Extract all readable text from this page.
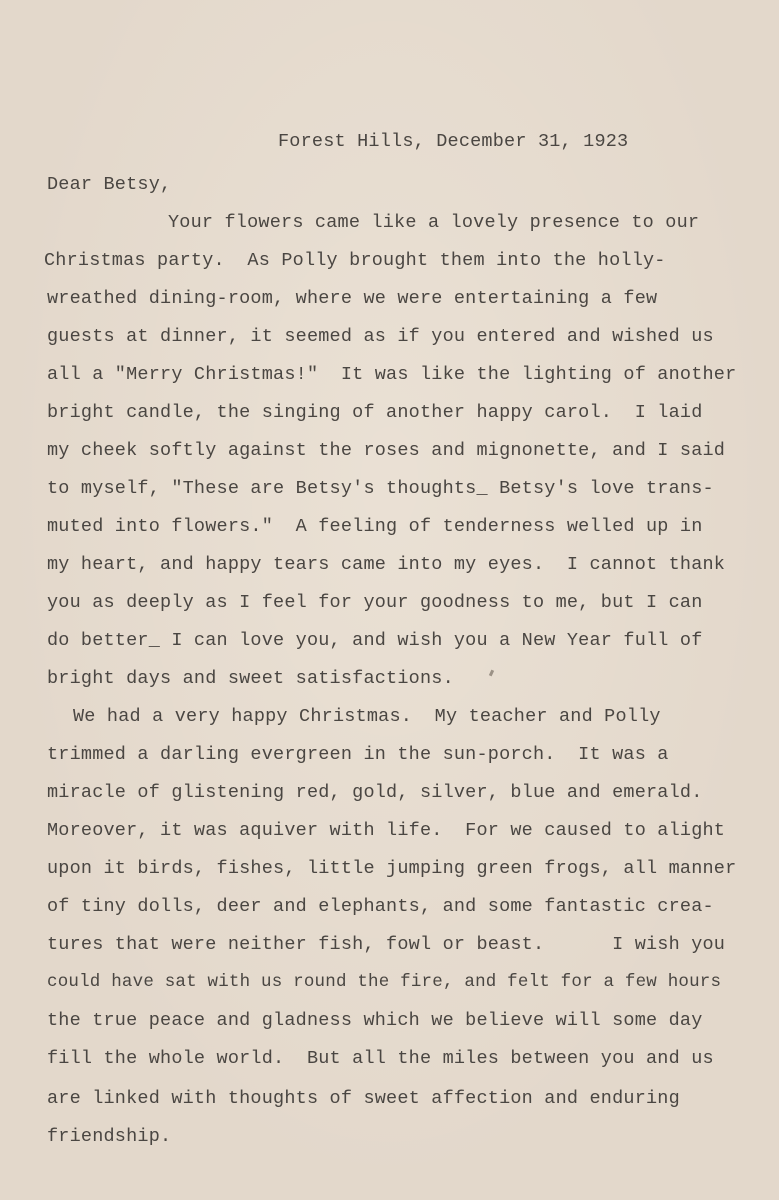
Forest Hills, December 31, 1923
Dear Betsy,
Your flowers came like a lovely presence to our
Christmas party.  As Polly brought them into the holly-
wreathed dining-room, where we were entertaining a few
guests at dinner, it seemed as if you entered and wished us
all a "Merry Christmas!"  It was like the lighting of another
bright candle, the singing of another happy carol.  I laid
my cheek softly against the roses and mignonette, and I said
to myself, "These are Betsy's thoughts_ Betsy's love trans-
muted into flowers."  A feeling of tenderness welled up in
my heart, and happy tears came into my eyes.  I cannot thank
you as deeply as I feel for your goodness to me, but I can
do better_ I can love you, and wish you a New Year full of
bright days and sweet satisfactions.
We had a very happy Christmas.  My teacher and Polly
trimmed a darling evergreen in the sun-porch.  It was a
miracle of glistening red, gold, silver, blue and emerald.
Moreover, it was aquiver with life.  For we caused to alight
upon it birds, fishes, little jumping green frogs, all manner
of tiny dolls, deer and elephants, and some fantastic crea-
tures that were neither fish, fowl or beast.      I wish you
could have sat with us round the fire, and felt for a few hours
the true peace and gladness which we believe will some day
fill the whole world.  But all the miles between you and us
are linked with thoughts of sweet affection and enduring
friendship.
